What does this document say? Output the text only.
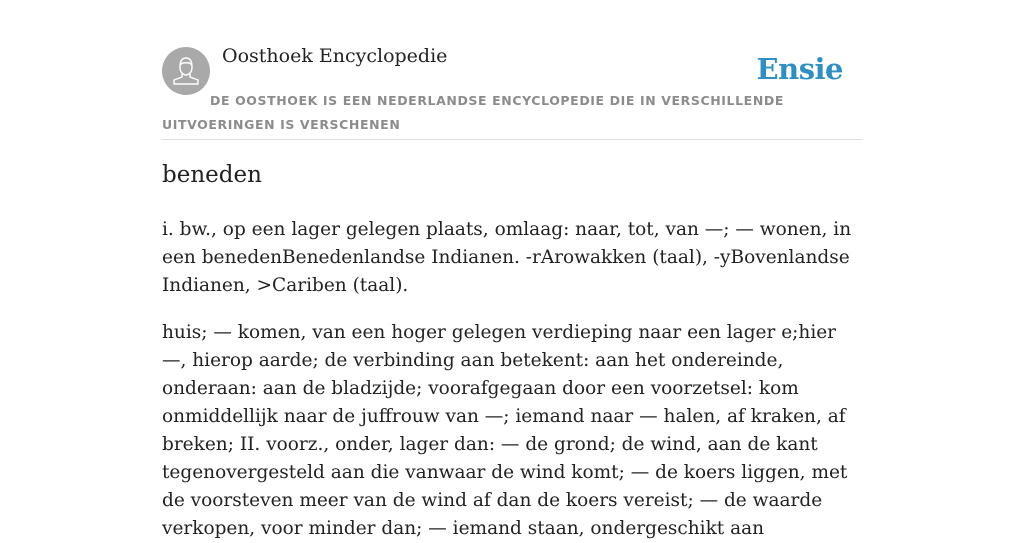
Oosthoek Encyclopedie	Ensie
DE OOSTHOEK IS EEN NEDERLANDSE ENCYCLOPEDIE DIE IN VERSCHILLENDE UITVOERINGEN IS VERSCHENEN
beneden

i. bw., op een lager gelegen plaats, omlaag: naar, tot, van —; — wonen, in een benedenBenedenlandse Indianen. -rArowakken (taal), -yBovenlandse Indianen, >Cariben (taal).

huis; — komen, van een hoger gelegen verdieping naar een lager e;hier —, hierop aarde; de verbinding aan betekent: aan het ondereinde, onderaan: aan de bladzijde; voorafgegaan door een voorzetsel: kom onmiddellijk naar de juffrouw van —; iemand naar — halen, af kraken, af breken; II. voorz., onder, lager dan: — de grond; de wind, aan de kant tegenovergesteld aan die vanwaar de wind komt; — de koers liggen, met de voorsteven meer van de wind af dan de koers vereist; — de waarde verkopen, voor minder dan; — iemand staan, ondergeschikt aan
